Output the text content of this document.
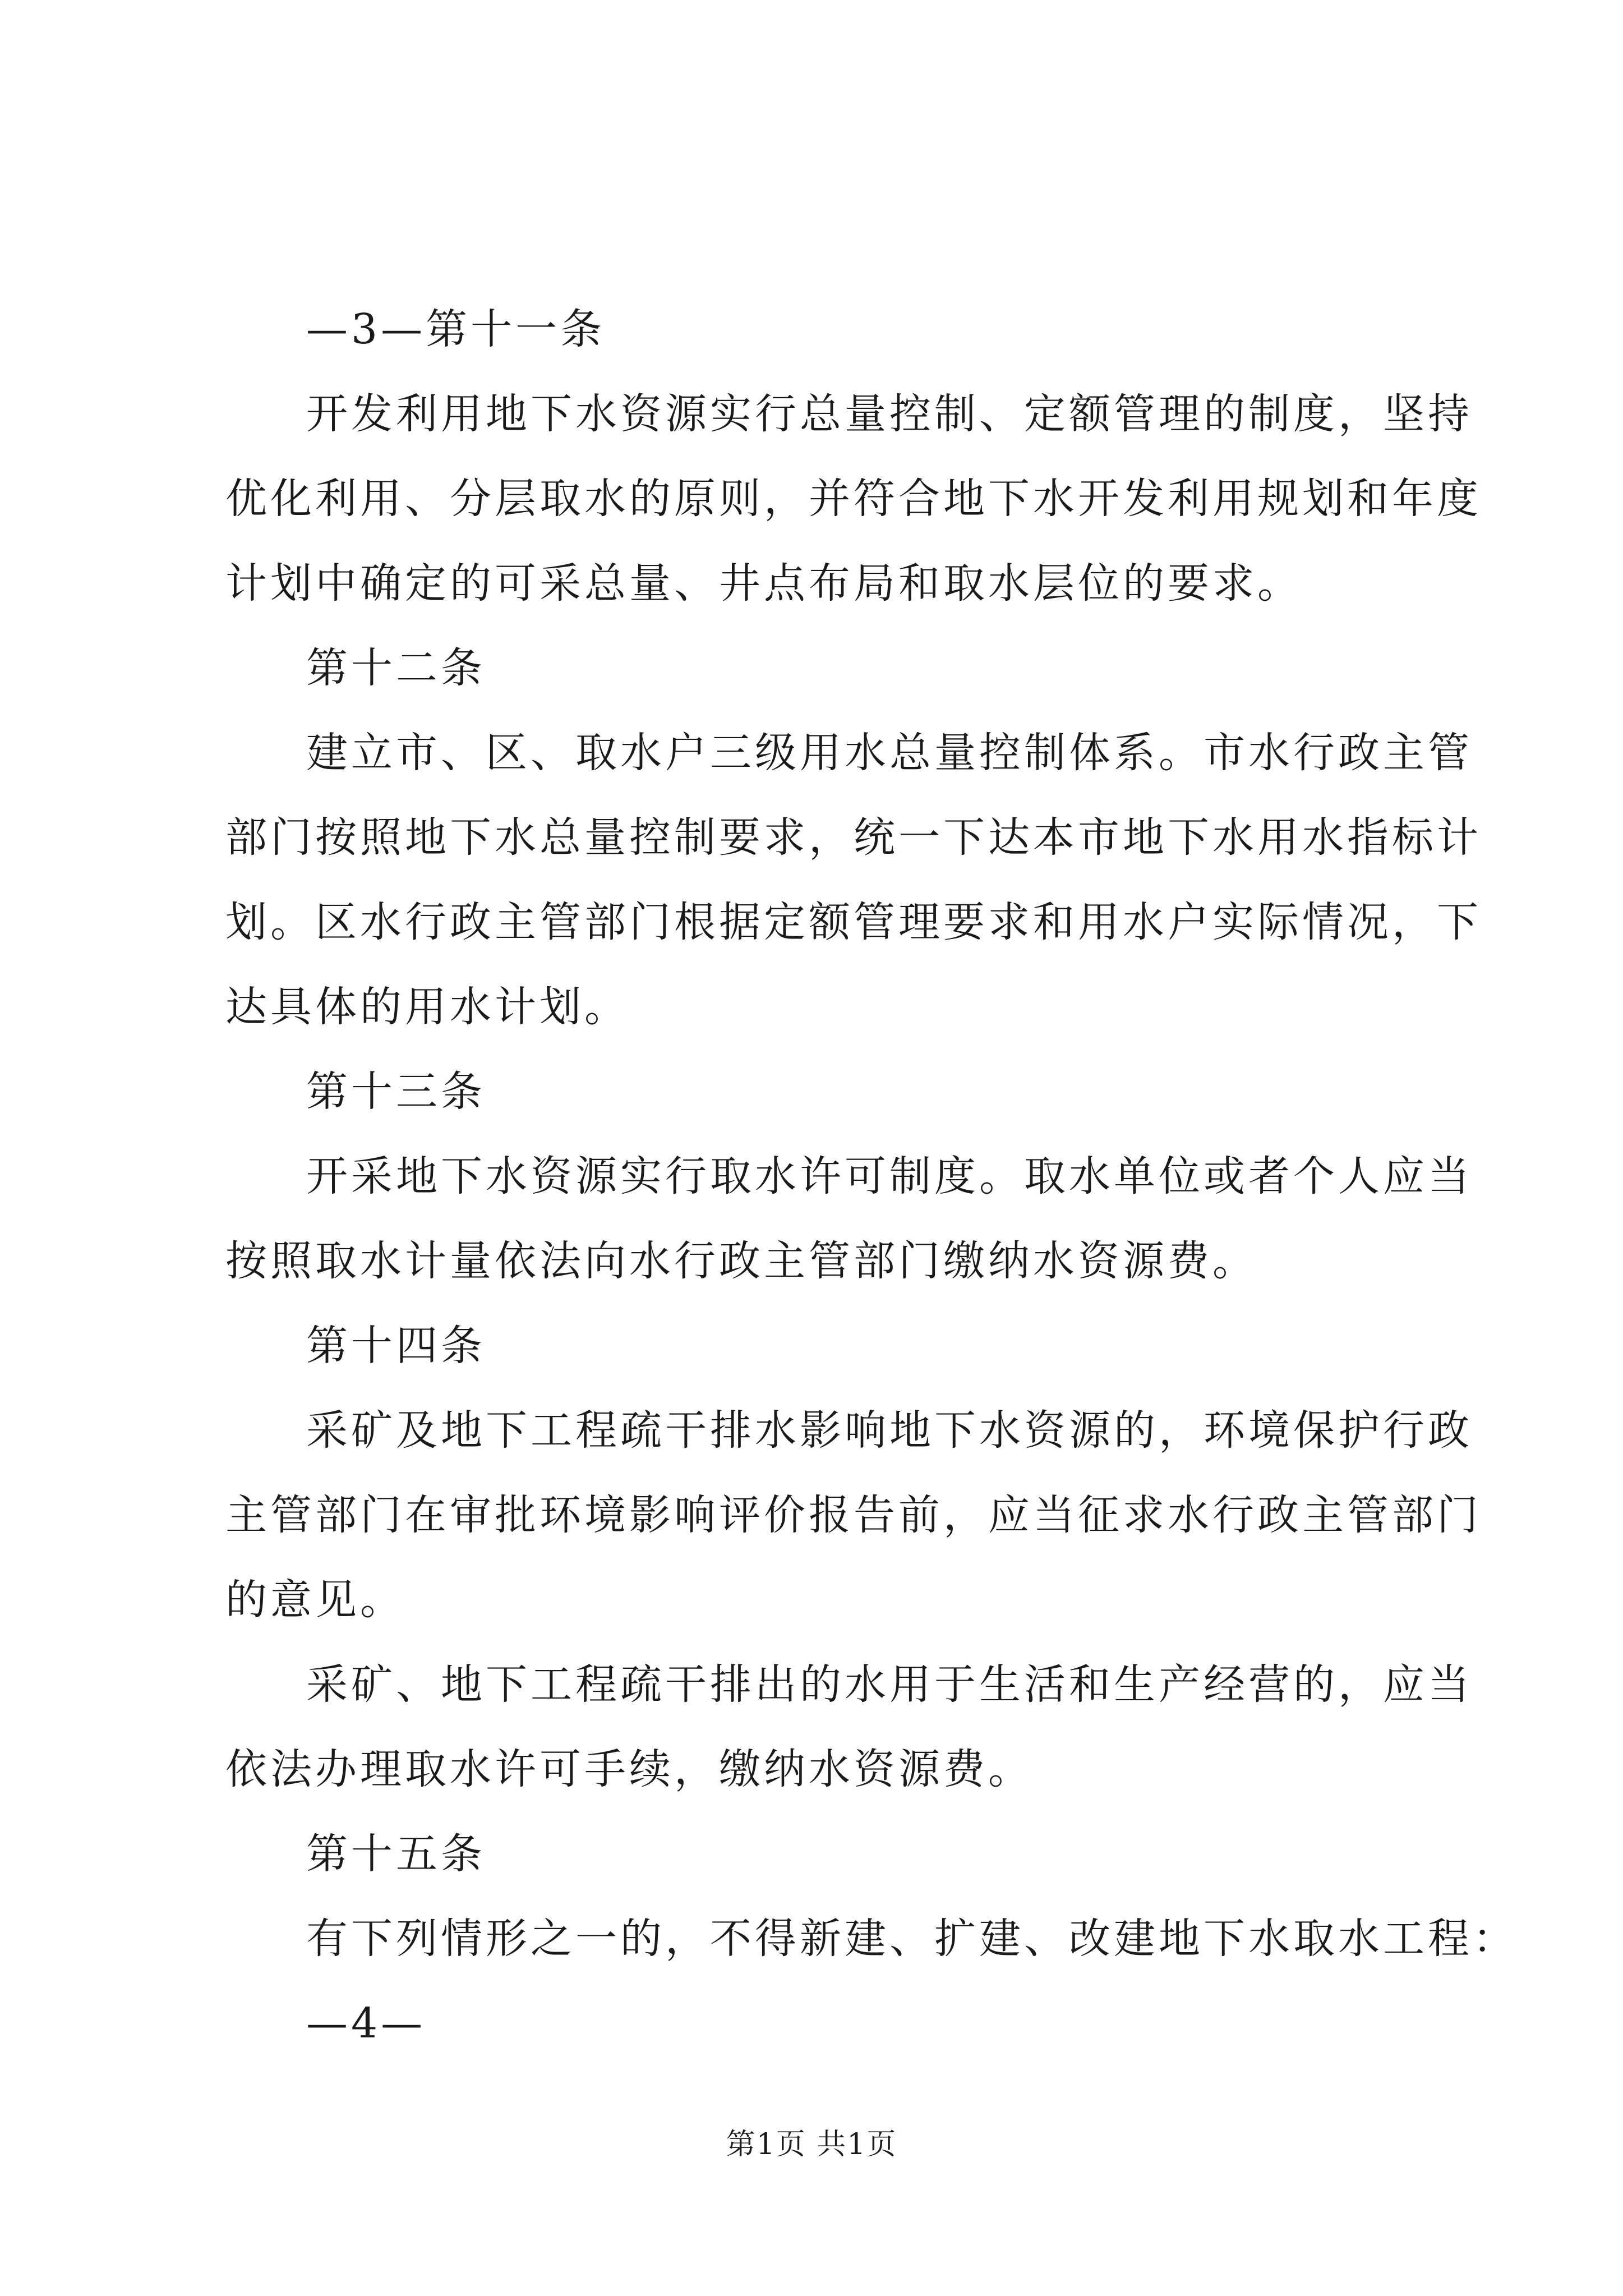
—3—第十一条
开发利用地下水资源实行总量控制、定额管理的制度，坚持
优化利用、分层取水的原则，并符合地下水开发利用规划和年度
计划中确定的可采总量、井点布局和取水层位的要求。
第十二条
建立市、区、取水户三级用水总量控制体系。市水行政主管
部门按照地下水总量控制要求，统一下达本市地下水用水指标计
划。区水行政主管部门根据定额管理要求和用水户实际情况，下
达具体的用水计划。
第十三条
开采地下水资源实行取水许可制度。取水单位或者个人应当
按照取水计量依法向水行政主管部门缴纳水资源费。
第十四条
采矿及地下工程疏干排水影响地下水资源的，环境保护行政
主管部门在审批环境影响评价报告前，应当征求水行政主管部门
的意见。
采矿、地下工程疏干排出的水用于生活和生产经营的，应当
依法办理取水许可手续，缴纳水资源费。
第十五条
有下列情形之一的，不得新建、扩建、改建地下水取水工程：
—4—
第1页 共1页
